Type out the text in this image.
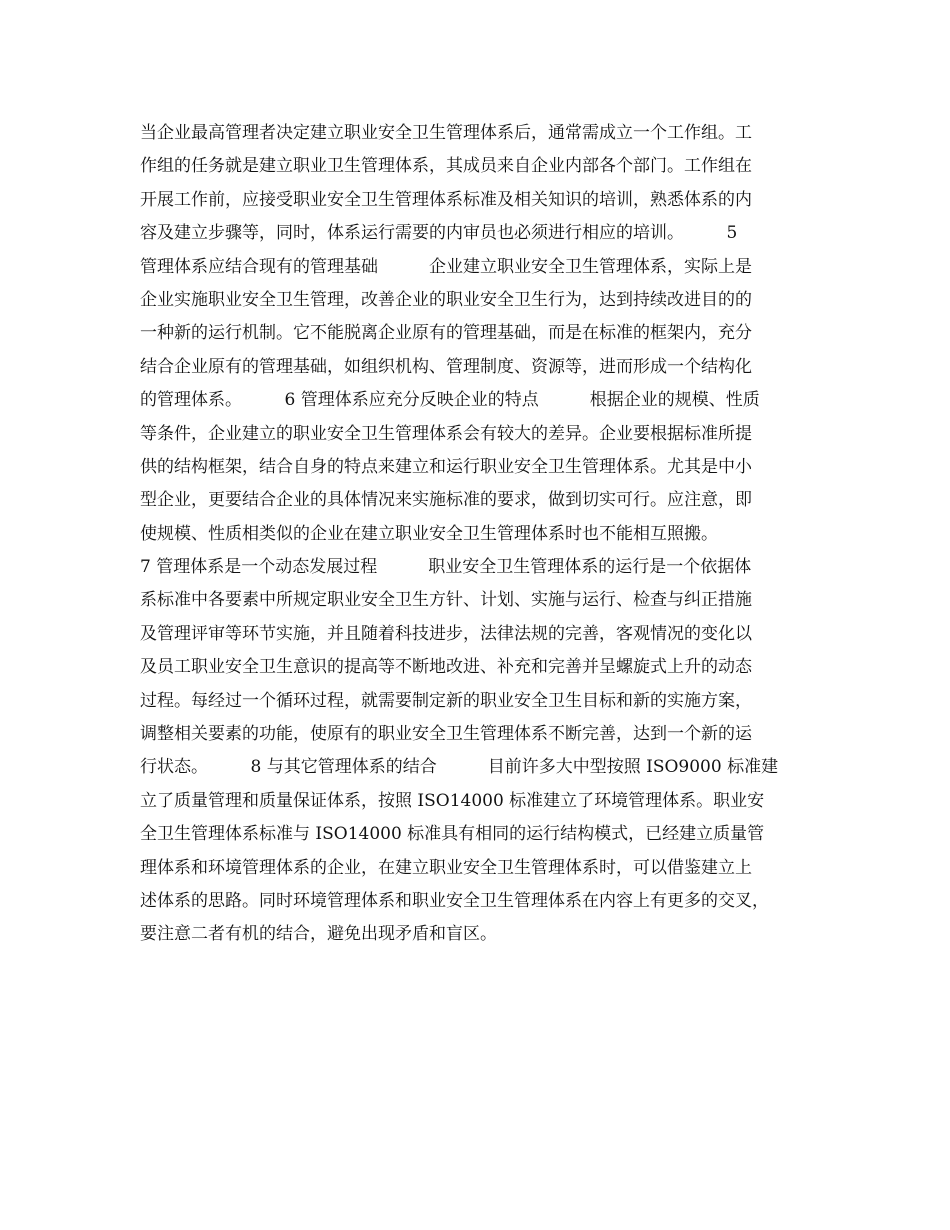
当企业最高管理者决定建立职业安全卫生管理体系后，通常需成立一个工作组。工
作组的任务就是建立职业卫生管理体系，其成员来自企业内部各个部门。工作组在
开展工作前，应接受职业安全卫生管理体系标准及相关知识的培训，熟悉体系的内
容及建立步骤等，同时，体系运行需要的内审员也必须进行相应的培训。　　　5
管理体系应结合现有的管理基础　　　企业建立职业安全卫生管理体系，实际上是
企业实施职业安全卫生管理，改善企业的职业安全卫生行为，达到持续改进目的的
一种新的运行机制。它不能脱离企业原有的管理基础，而是在标准的框架内，充分
结合企业原有的管理基础，如组织机构、管理制度、资源等，进而形成一个结构化
的管理体系。　　　6 管理体系应充分反映企业的特点　　　根据企业的规模、性质
等条件，企业建立的职业安全卫生管理体系会有较大的差异。企业要根据标准所提
供的结构框架，结合自身的特点来建立和运行职业安全卫生管理体系。尤其是中小
型企业，更要结合企业的具体情况来实施标准的要求，做到切实可行。应注意，即
使规模、性质相类似的企业在建立职业安全卫生管理体系时也不能相互照搬。
7 管理体系是一个动态发展过程　　　职业安全卫生管理体系的运行是一个依据体
系标准中各要素中所规定职业安全卫生方针、计划、实施与运行、检查与纠正措施
及管理评审等环节实施，并且随着科技进步，法律法规的完善，客观情况的变化以
及员工职业安全卫生意识的提高等不断地改进、补充和完善并呈螺旋式上升的动态
过程。每经过一个循环过程，就需要制定新的职业安全卫生目标和新的实施方案，
调整相关要素的功能，使原有的职业安全卫生管理体系不断完善，达到一个新的运
行状态。　　　8 与其它管理体系的结合　　　目前许多大中型按照 ISO9000 标准建
立了质量管理和质量保证体系，按照 ISO14000 标准建立了环境管理体系。职业安
全卫生管理体系标准与 ISO14000 标准具有相同的运行结构模式，已经建立质量管
理体系和环境管理体系的企业，在建立职业安全卫生管理体系时，可以借鉴建立上
述体系的思路。同时环境管理体系和职业安全卫生管理体系在内容上有更多的交叉，
要注意二者有机的结合，避免出现矛盾和盲区。
